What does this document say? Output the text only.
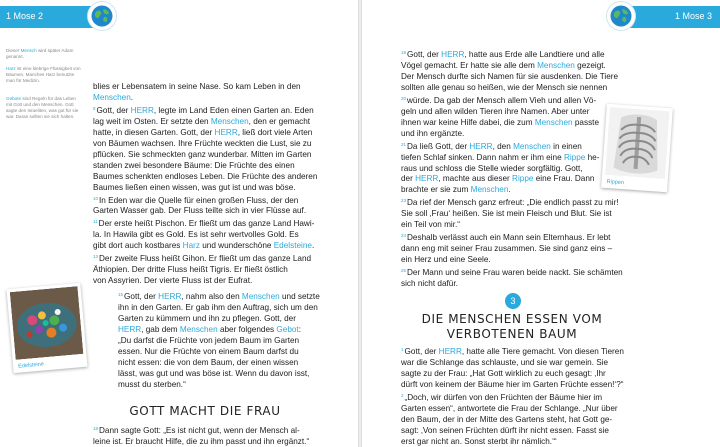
1 Mose 2
Dieser Mensch wird später Adam genannt.
Harz ist eine klebrige Flüssigkeit von Bäumen. Manches Harz benutzte man für Medizin.
Gebote sind Regeln für das Leben mit Gott und den Menschen. Gott sagte den Israeliten, was gut für sie war. Daran sollten sie sich halten.

blies er Lebensatem in seine Nase. So kam Leben in den

Menschen.

$^8$Gott, der HERR, legte im Land Eden einen Garten an. Eden

lag weit im Osten. Er setzte den Menschen, den er gemacht

hatte, in diesen Garten. Gott, der HERR, ließ dort viele Arten

von Bäumen wachsen. Ihre Früchte weckten die Lust, sie zu

pflücken. Sie schmeckten ganz wunderbar. Mitten im Garten

standen zwei besondere Bäume: Die Früchte des einen

Baumes schenkten endloses Leben. Die Früchte des anderen

Baumes ließen einen wissen, was gut ist und was böse.

$^{10}$In Eden war die Quelle für einen großen Fluss, der den

Garten Wasser gab. Der Fluss teilte sich in vier Flüsse auf.

$^{11}$Der erste heißt Pischon. Er fließt um das ganze Land Hawi-

la. In Hawila gibt es Gold. Es ist sehr wertvolles Gold. Es

gibt dort auch kostbares Harz und wunderschöne Edelsteine.

$^{13}$Der zweite Fluss heißt Gihon. Er fließt um das ganze Land

Äthiopien. Der dritte Fluss heißt Tigris. Er fließt östlich

von Assyrien. Der vierte Fluss ist der Eufrat.

$^{15}$Gott, der HERR, nahm also den Menschen und setzte

ihn in den Garten. Er gab ihm den Auftrag, sich um den

Garten zu kümmern und ihn zu pflegen. Gott, der

HERR, gab dem Menschen aber folgendes Gebot:

„Du darfst die Früchte von jedem Baum im Garten

essen. Nur die Früchte von einem Baum darfst du

nicht essen: die von dem Baum, der einen wissen

lässt, was gut und was böse ist. Wenn du davon isst,

musst du sterben.“

Edelsteine
GOTT MACHT DIE FRAU

$^{18}$Dann sagte Gott: „Es ist nicht gut, wenn der Mensch al-

leine ist. Er braucht Hilfe, die zu ihm passt und ihn ergänzt.“

1 Mose 3

$^{19}$Gott, der HERR, hatte aus Erde alle Landtiere und alle

Vögel gemacht. Er hatte sie alle dem Menschen gezeigt.

Der Mensch durfte sich Namen für sie ausdenken. Die Tiere

sollten alle genau so heißen, wie der Mensch sie nennen

$^{20}$würde. Da gab der Mensch allem Vieh und allen Vö-

geln und allen wilden Tieren ihre Namen. Aber unter

ihnen war keine Hilfe dabei, die zum Menschen passte

und ihn ergänzte.

$^{21}$Da ließ Gott, der HERR, den Menschen in einen

tiefen Schlaf sinken. Dann nahm er ihm eine Rippe he-

raus und schloss die Stelle wieder sorgfältig. Gott,

der HERR, machte aus dieser Rippe eine Frau. Dann

brachte er sie zum Menschen.

$^{23}$Da rief der Mensch ganz erfreut: „Die endlich passt zu mir!

Sie soll ‚Frau‘ heißen. Sie ist mein Fleisch und Blut. Sie ist

ein Teil von mir.“

$^{24}$Deshalb verlässt auch ein Mann sein Elternhaus. Er lebt

dann eng mit seiner Frau zusammen. Sie sind ganz eins –

ein Herz und eine Seele.

$^{25}$Der Mann und seine Frau waren beide nackt. Sie schämten

sich nicht dafür.

Rippen
3
DIE MENSCHEN ESSEN VOM
VERBOTENEN BAUM

$^1$Gott, der HERR, hatte alle Tiere gemacht. Von diesen Tieren

war die Schlange das schlauste, und sie war gemein. Sie

sagte zu der Frau: „Hat Gott wirklich zu euch gesagt: ‚Ihr

dürft von keinem der Bäume hier im Garten Früchte essen!‘?“

$^2$„Doch, wir dürfen von den Früchten der Bäume hier im

Garten essen“, antwortete die Frau der Schlange. „Nur über

den Baum, der in der Mitte des Gartens steht, hat Gott ge-

sagt: ‚Von seinen Früchten dürft ihr nicht essen. Fasst sie

erst gar nicht an. Sonst sterbt ihr nämlich.‘“
